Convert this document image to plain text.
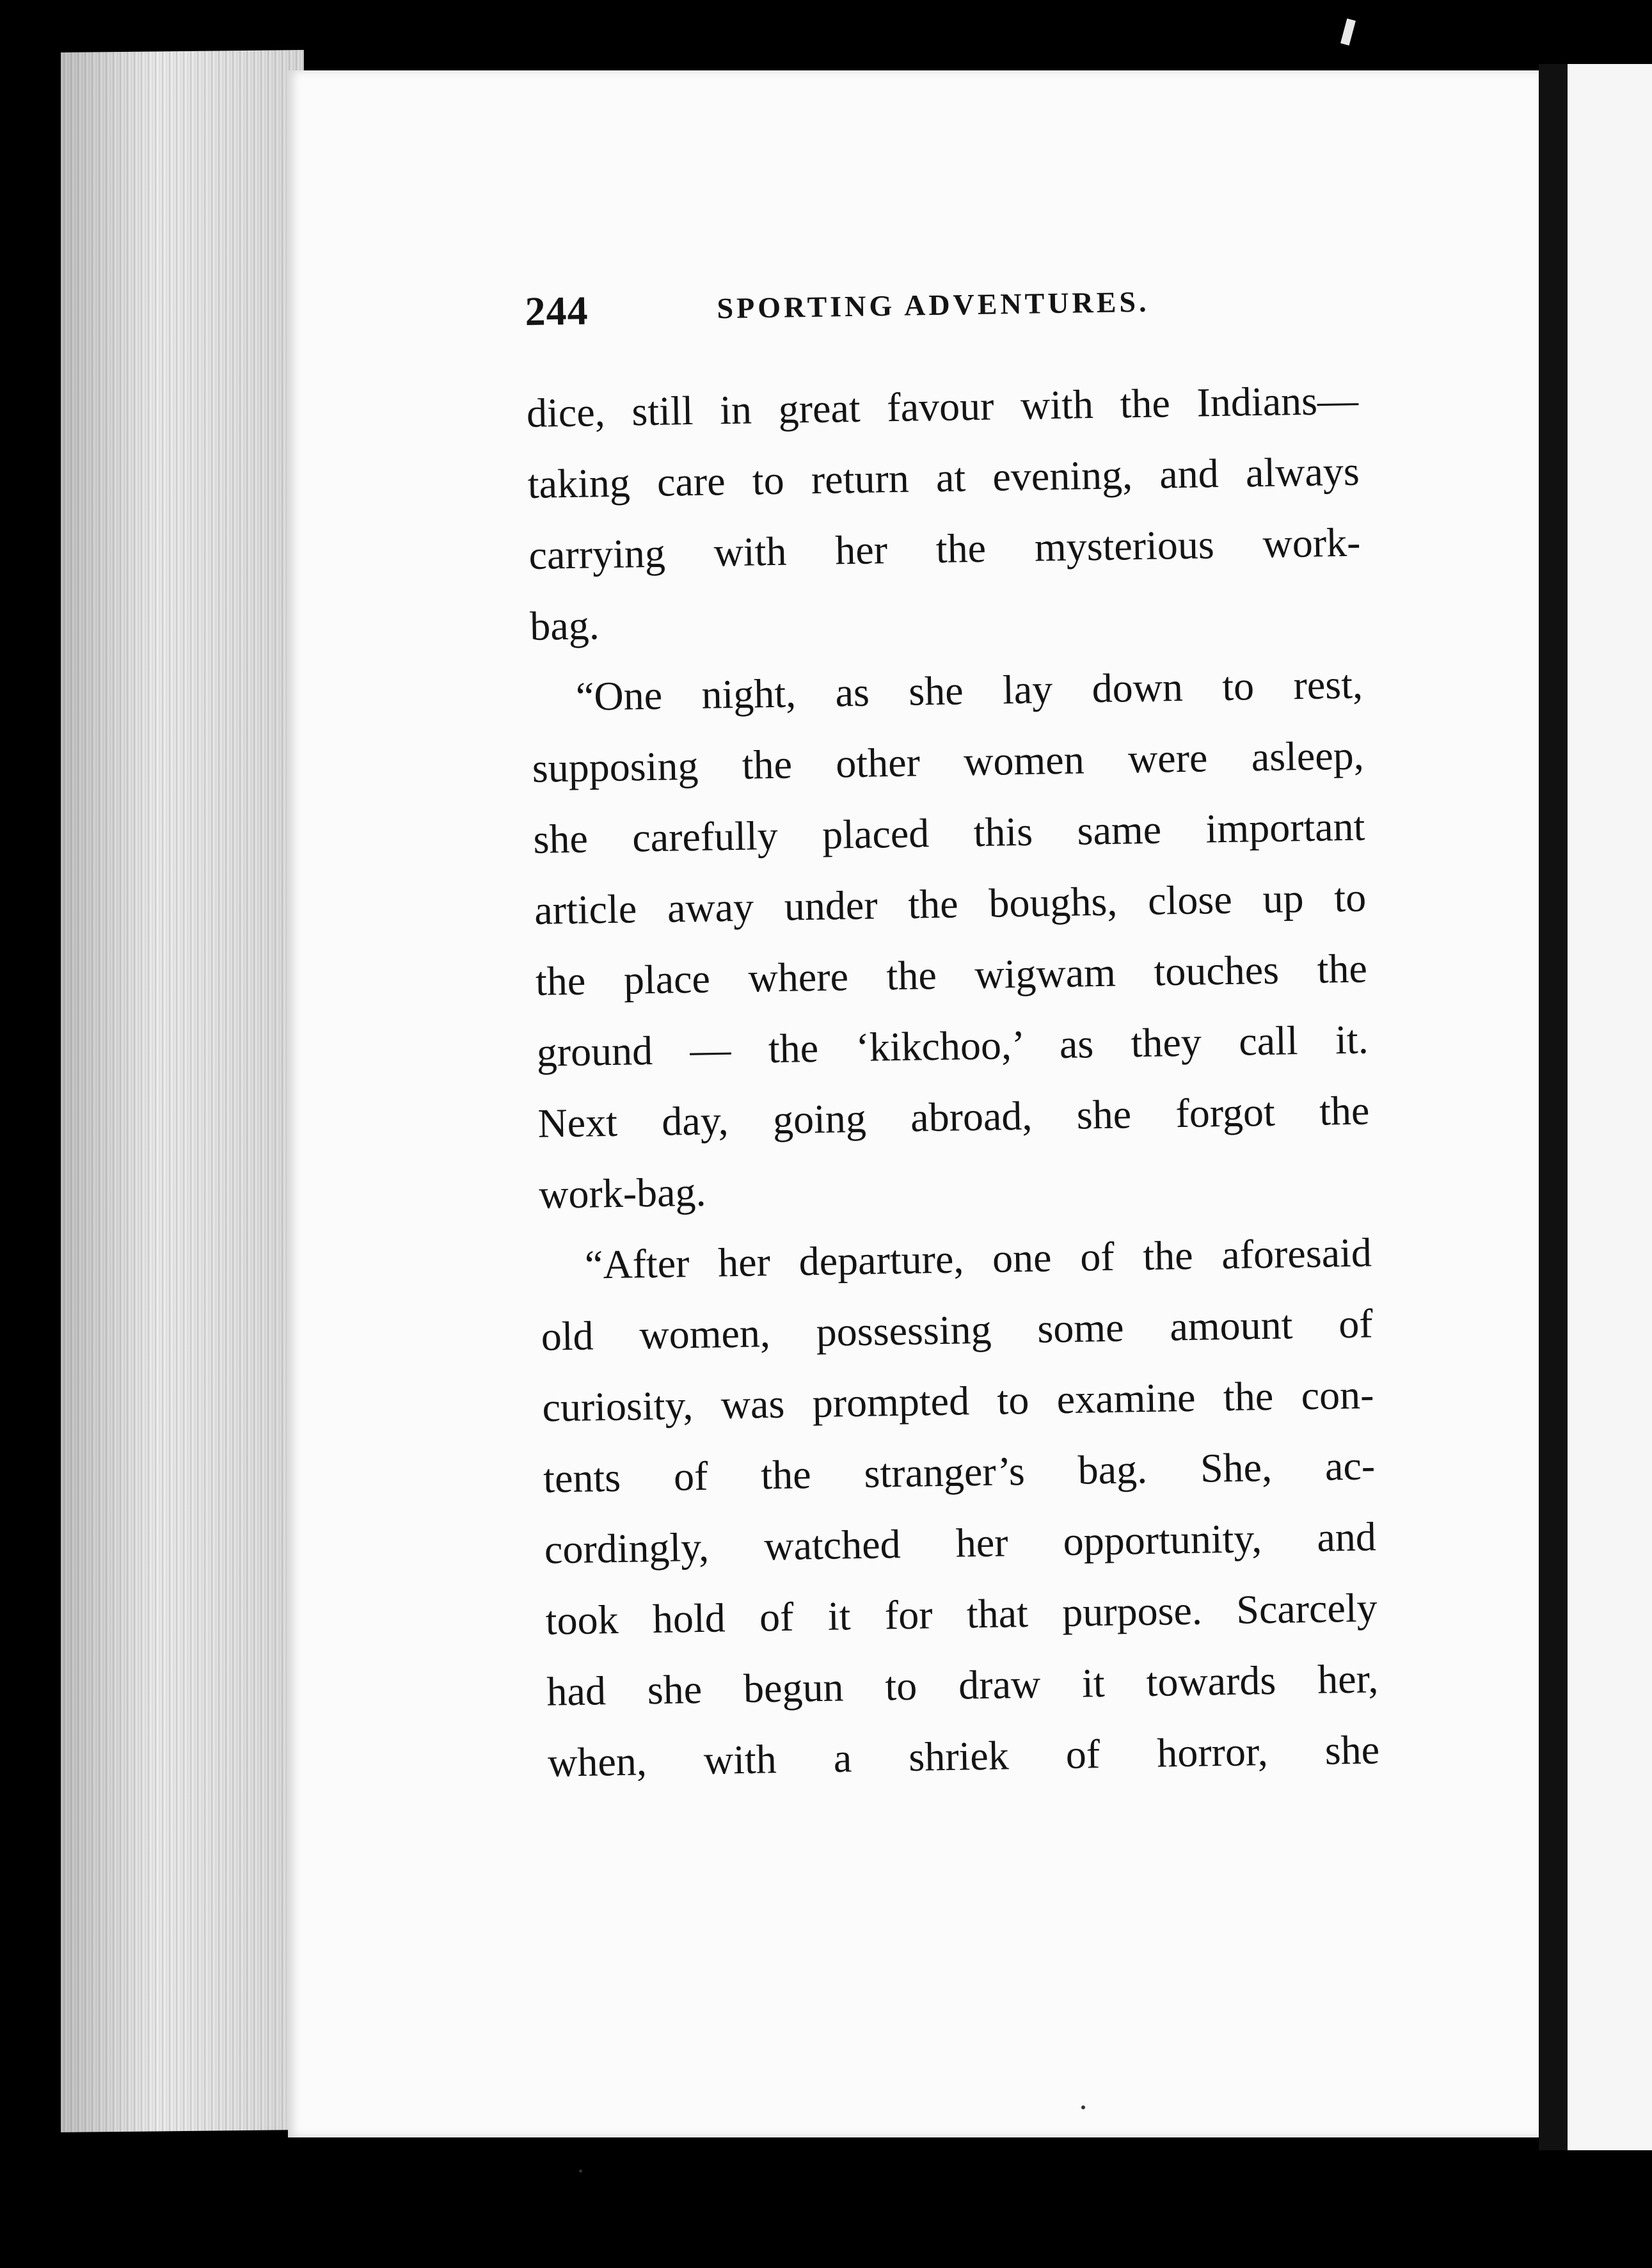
244	SPORTING ADVENTURES.
dice, still in great favour with the Indians—
taking care to return at evening, and always
carrying with her the mysterious work-
bag.
“One night, as she lay down to rest,
supposing the other women were asleep,
she carefully placed this same important
article away under the boughs, close up to
the place where the wigwam touches the
ground — the ‘kikchoo,’ as they call it.
Next day, going abroad, she forgot the
work-bag.
“After her departure, one of the aforesaid
old women, possessing some amount of
curiosity, was prompted to examine the con-
tents of the stranger’s bag. She, ac-
cordingly, watched her opportunity, and
took hold of it for that purpose. Scarcely
had she begun to draw it towards her,
when, with a shriek of horror, she
